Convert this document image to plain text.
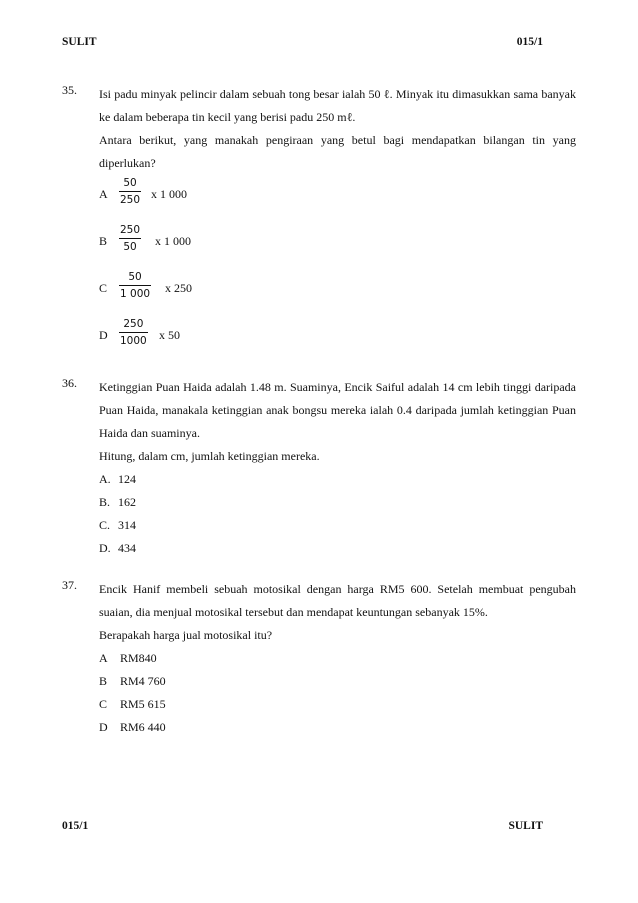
SULIT	015/1
35. Isi padu minyak pelincir dalam sebuah tong besar ialah 50 ℓ. Minyak itu dimasukkan sama banyak ke dalam beberapa tin kecil yang berisi padu 250 mℓ.
Antara berikut, yang manakah pengiraan yang betul bagi mendapatkan bilangan tin yang diperlukan?
A
50
250 x 1 000
B
250
50	x 1 000
C
50
1 000 x 250
D
250
1000 x 50
36. Ketinggian Puan Haida adalah 1.48 m. Suaminya, Encik Saiful adalah 14 cm lebih tinggi daripada Puan Haida, manakala ketinggian anak bongsu mereka ialah 0.4 daripada jumlah ketinggian Puan Haida dan suaminya.
Hitung, dalam cm, jumlah ketinggian mereka.
A. 124
B. 162
C. 314
D. 434
37. Encik Hanif membeli sebuah motosikal dengan harga RM5 600. Setelah membuat pengubah suaian, dia menjual motosikal tersebut dan mendapat keuntungan sebanyak 15%.
Berapakah harga jual motosikal itu?
A RM840
B RM4 760
C RM5 615
D RM6 440
015/1	SULIT
